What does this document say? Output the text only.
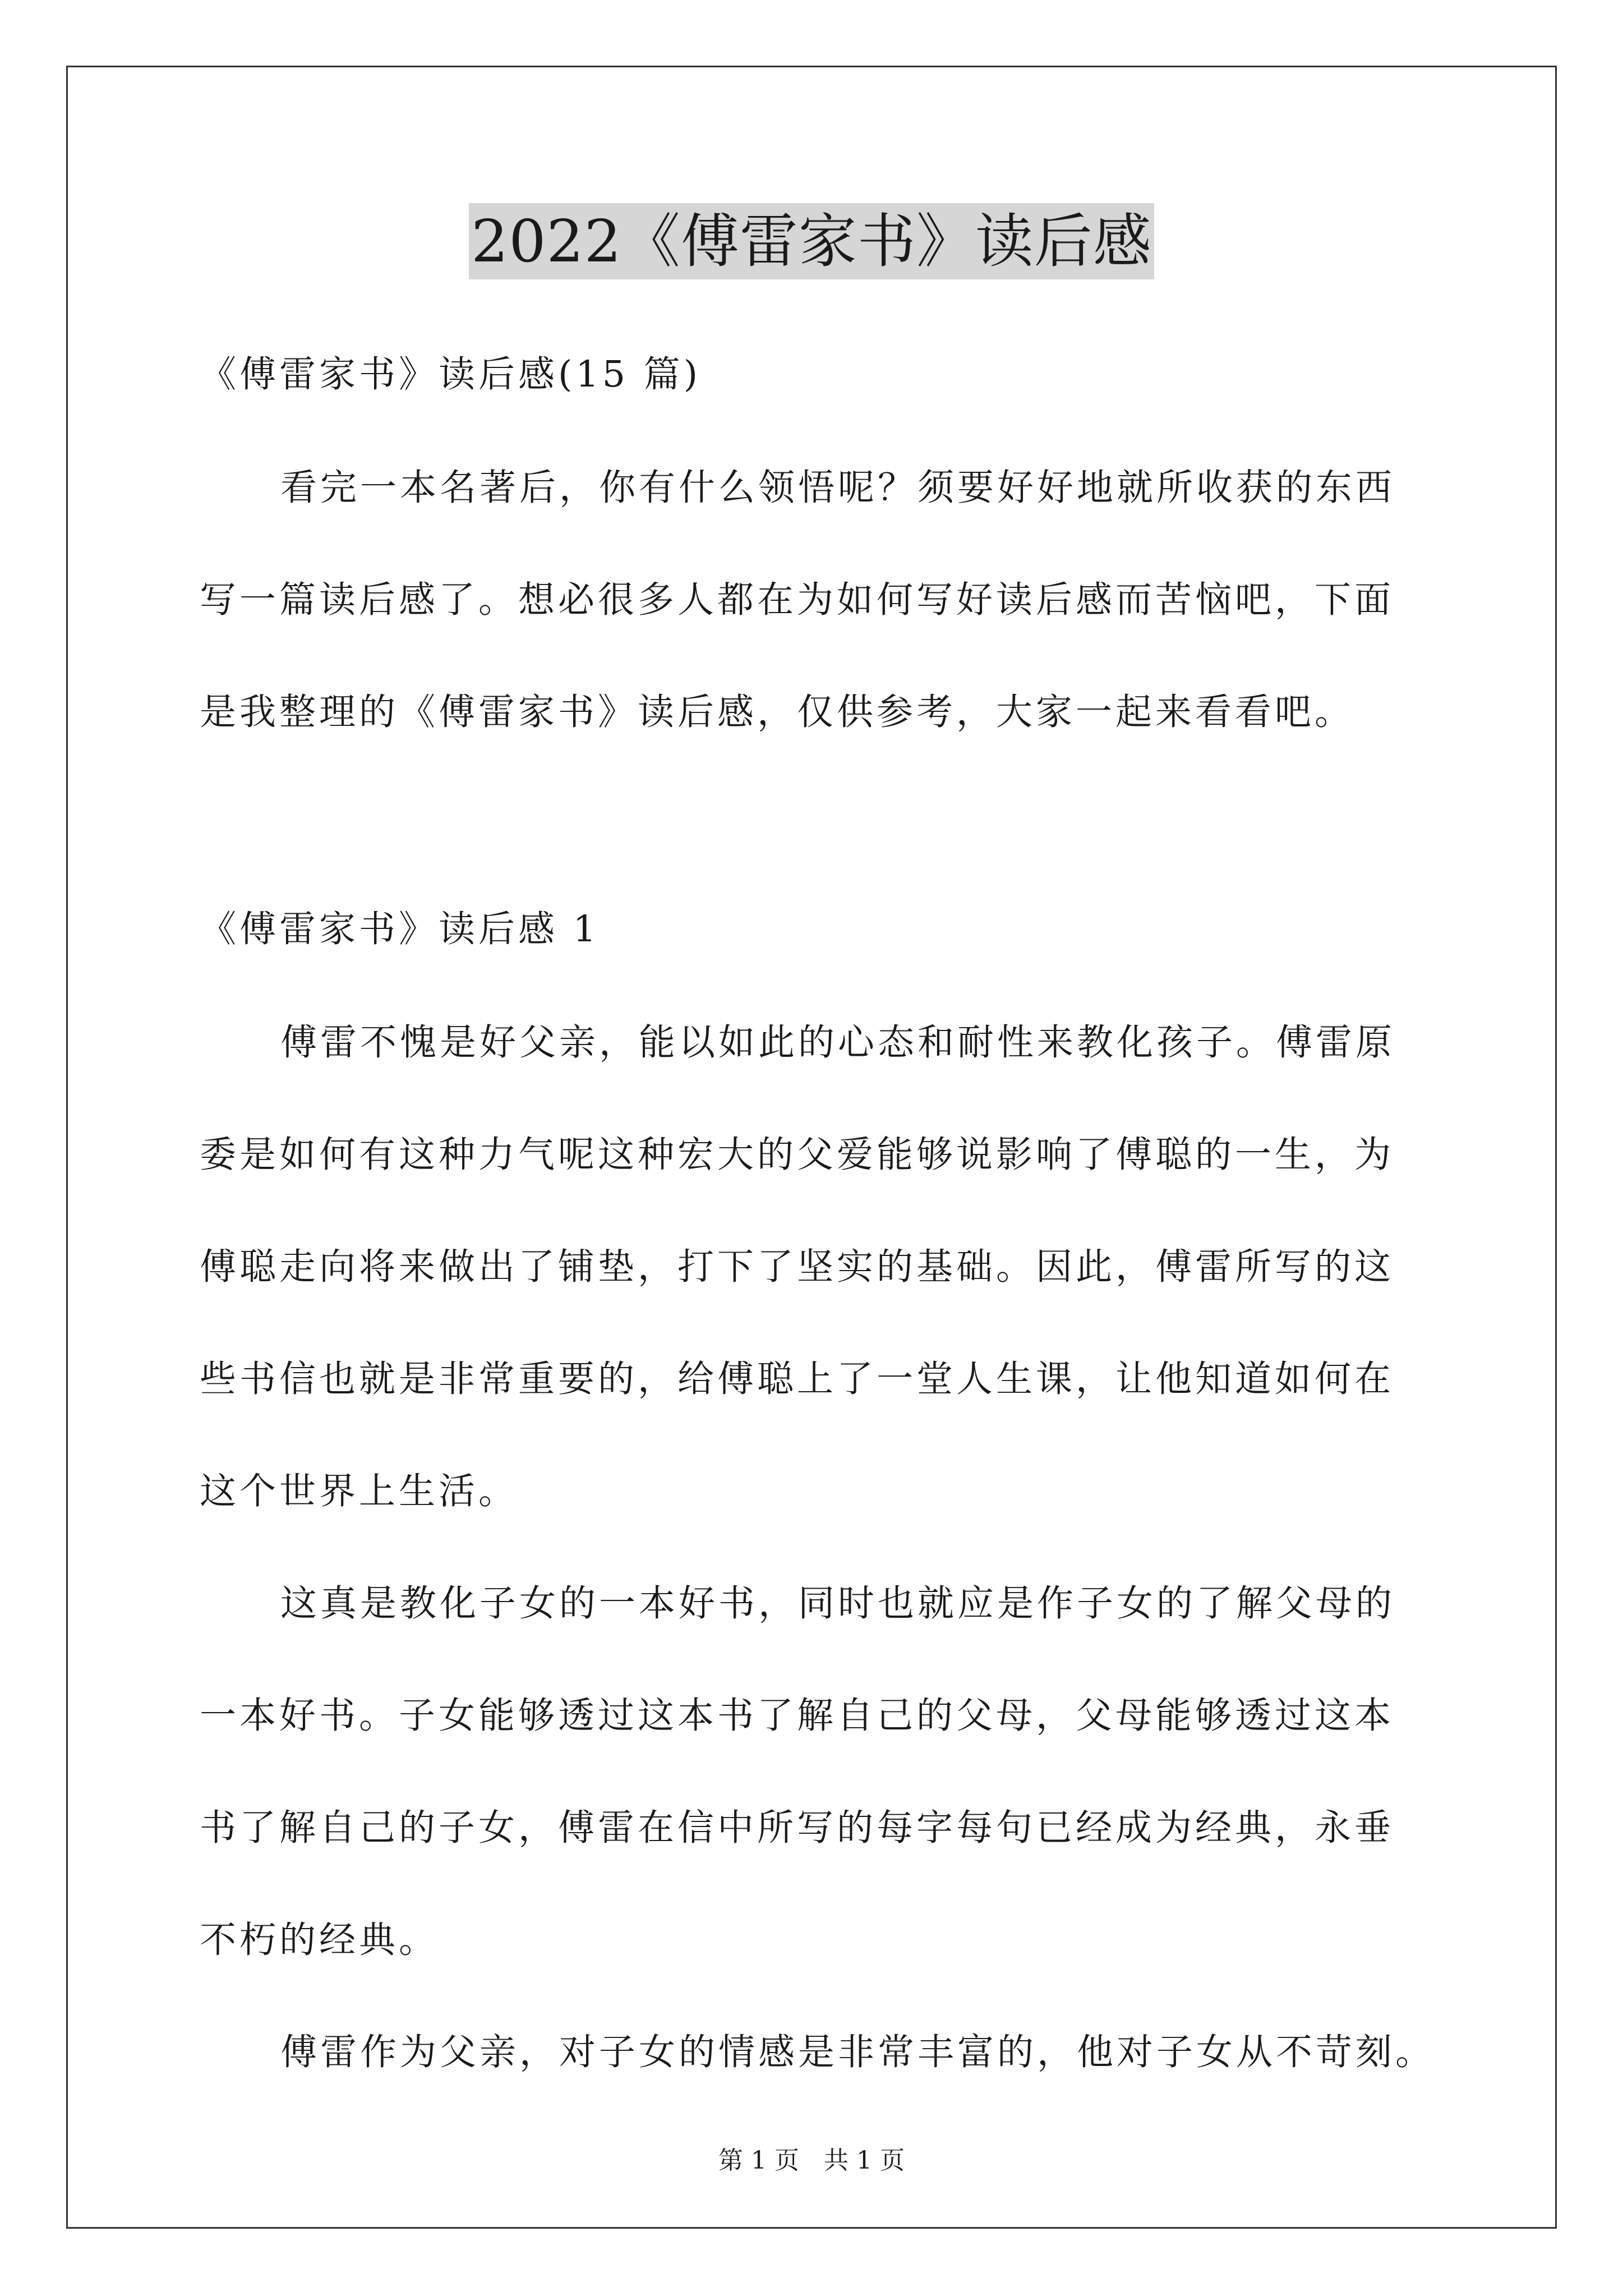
2022《傅雷家书》读后感
《傅雷家书》读后感(15 篇)
看完一本名著后，你有什么领悟呢？须要好好地就所收获的东西
写一篇读后感了。想必很多人都在为如何写好读后感而苦恼吧，下面
是我整理的《傅雷家书》读后感，仅供参考，大家一起来看看吧。
《傅雷家书》读后感 1
傅雷不愧是好父亲，能以如此的心态和耐性来教化孩子。傅雷原
委是如何有这种力气呢这种宏大的父爱能够说影响了傅聪的一生，为
傅聪走向将来做出了铺垫，打下了坚实的基础。因此，傅雷所写的这
些书信也就是非常重要的，给傅聪上了一堂人生课，让他知道如何在
这个世界上生活。
这真是教化子女的一本好书，同时也就应是作子女的了解父母的
一本好书。子女能够透过这本书了解自己的父母，父母能够透过这本
书了解自己的子女，傅雷在信中所写的每字每句已经成为经典，永垂
不朽的经典。
傅雷作为父亲，对子女的情感是非常丰富的，他对子女从不苛刻。
第 1 页　共 1 页
